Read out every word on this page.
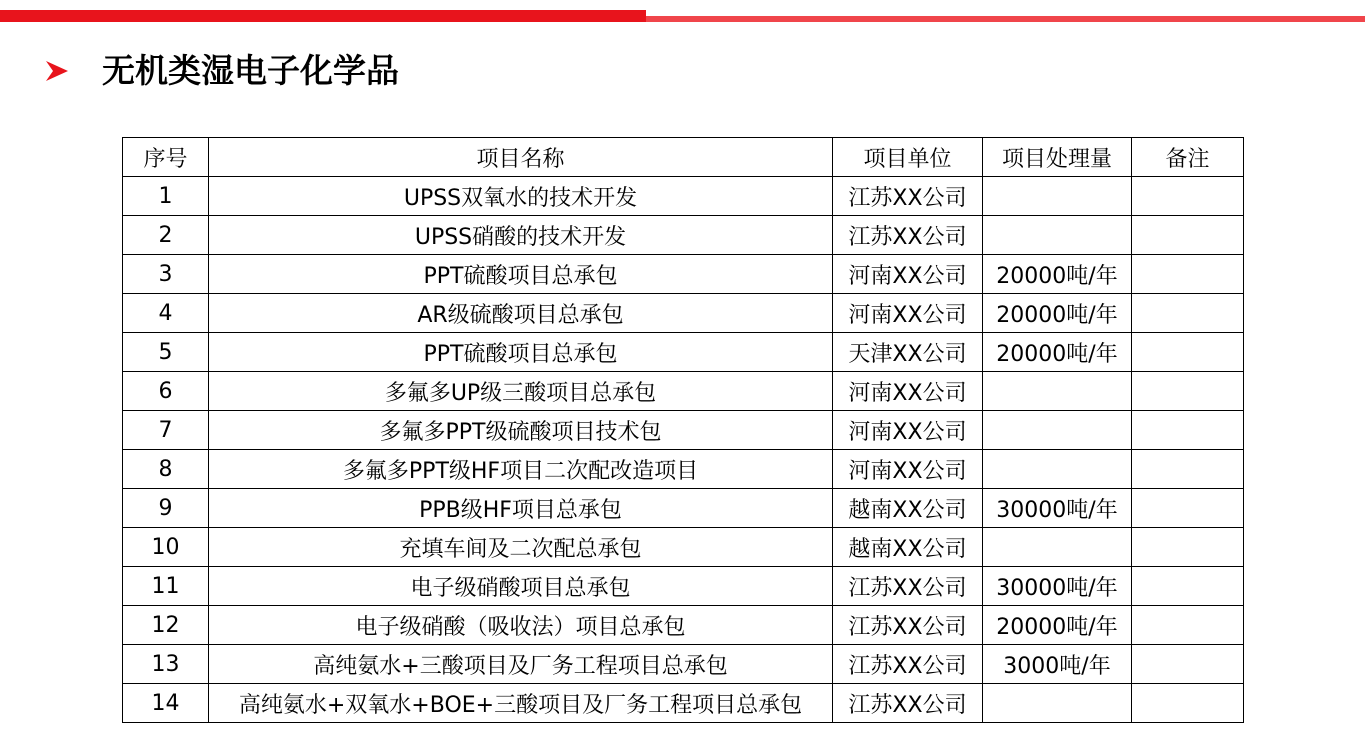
无机类湿电子化学品
序号	项目名称	项目单位	项目处理量	备注
1	UPSS双氧水的技术开发	江苏XX公司		
2	UPSS硝酸的技术开发	江苏XX公司		
3	PPT硫酸项目总承包	河南XX公司	20000吨/年	
4	AR级硫酸项目总承包	河南XX公司	20000吨/年	
5	PPT硫酸项目总承包	天津XX公司	20000吨/年	
6	多氟多UP级三酸项目总承包	河南XX公司		
7	多氟多PPT级硫酸项目技术包	河南XX公司		
8	多氟多PPT级HF项目二次配改造项目	河南XX公司		
9	PPB级HF项目总承包	越南XX公司	30000吨/年	
10	充填车间及二次配总承包	越南XX公司		
11	电子级硝酸项目总承包	江苏XX公司	30000吨/年	
12	电子级硝酸（吸收法）项目总承包	江苏XX公司	20000吨/年	
13	高纯氨水+三酸项目及厂务工程项目总承包	江苏XX公司	3000吨/年	
14	高纯氨水+双氧水+BOE+三酸项目及厂务工程项目总承包	江苏XX公司		
